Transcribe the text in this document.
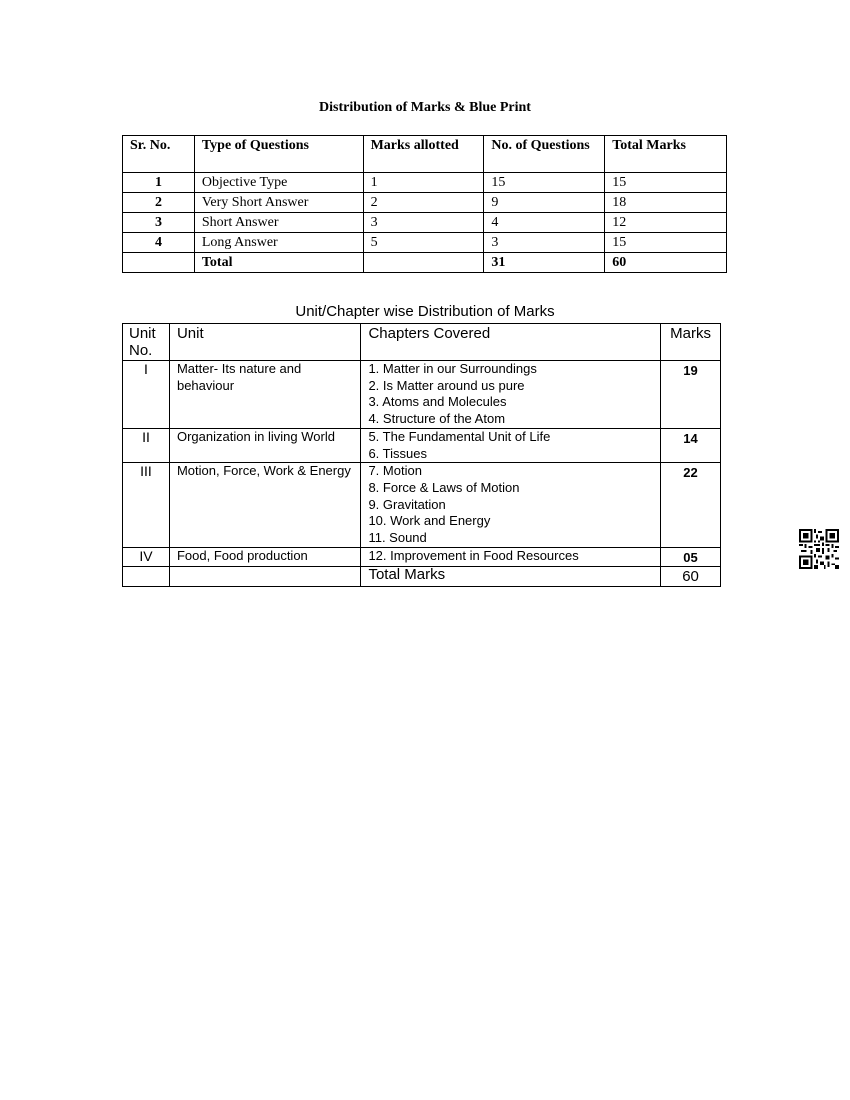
Distribution of Marks & Blue Print
Sr. No.	Type of Questions	Marks allotted	No. of Questions	Total Marks
1	Objective Type	1	15	15
2	Very Short Answer	2	9	18
3	Short Answer	3	4	12
4	Long Answer	5	3	15
	Total		31	60
Unit/Chapter wise Distribution of Marks
Unit No.	Unit	Chapters Covered	Marks
I	Matter- Its nature and behaviour	1. Matter in our Surroundings
2. Is Matter around us pure
3. Atoms and Molecules
4. Structure of the Atom	19
II	Organization in living World	5. The Fundamental Unit of Life
6. Tissues	14
III	Motion, Force, Work & Energy	7. Motion
8. Force & Laws of Motion
9. Gravitation
10. Work and Energy
11. Sound	22
IV	Food, Food production	12. Improvement in Food Resources	05
		Total Marks	60
